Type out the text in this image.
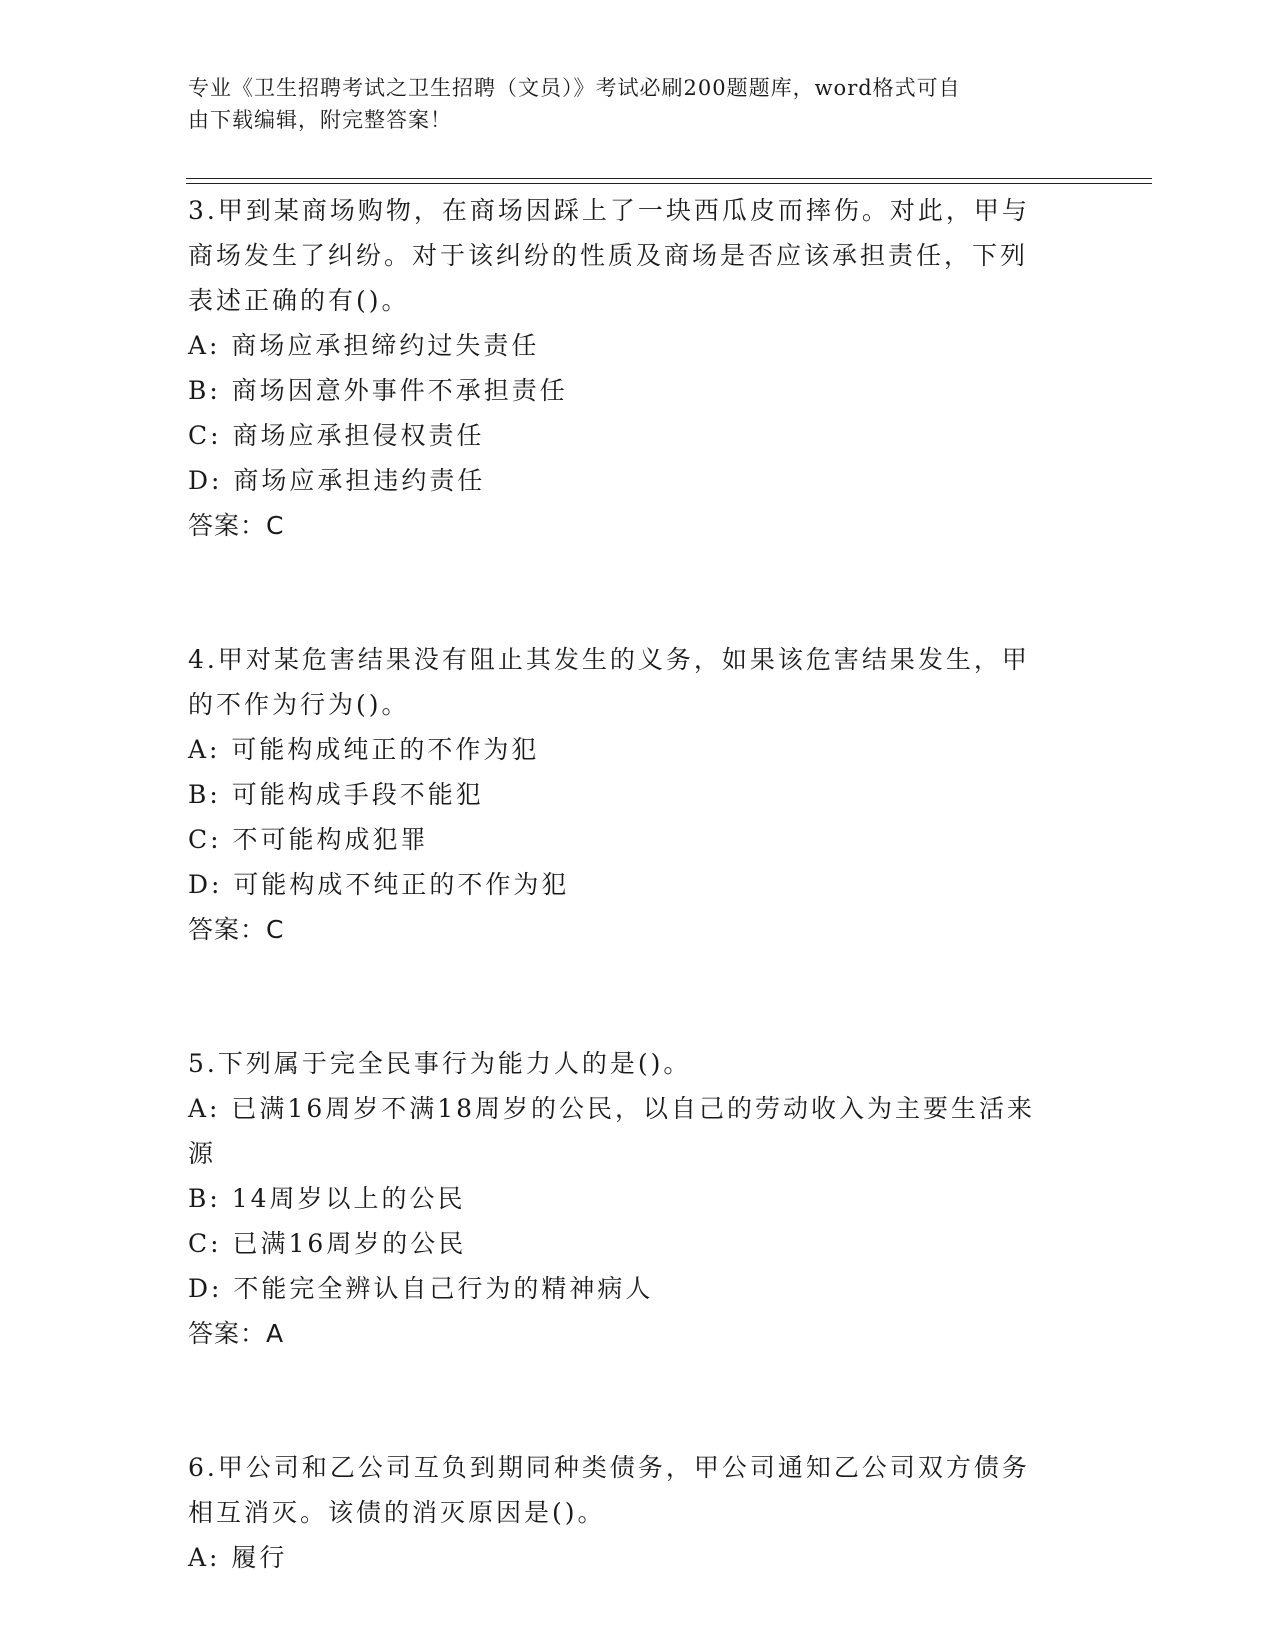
专业《卫生招聘考试之卫生招聘（文员）》考试必刷200题题库，word格式可自
由下载编辑，附完整答案！

3.甲到某商场购物，在商场因踩上了一块西瓜皮而摔伤。对此，甲与

商场发生了纠纷。对于该纠纷的性质及商场是否应该承担责任，下列

表述正确的有()。

A: 商场应承担缔约过失责任

B: 商场因意外事件不承担责任

C: 商场应承担侵权责任

D: 商场应承担违约责任

答案：C

4.甲对某危害结果没有阻止其发生的义务，如果该危害结果发生，甲

的不作为行为()。

A: 可能构成纯正的不作为犯

B: 可能构成手段不能犯

C: 不可能构成犯罪

D: 可能构成不纯正的不作为犯

答案：C

5.下列属于完全民事行为能力人的是()。

A: 已满16周岁不满18周岁的公民，以自己的劳动收入为主要生活来

源

B: 14周岁以上的公民

C: 已满16周岁的公民

D: 不能完全辨认自己行为的精神病人

答案：A

6.甲公司和乙公司互负到期同种类债务，甲公司通知乙公司双方债务

相互消灭。该债的消灭原因是()。

A: 履行
